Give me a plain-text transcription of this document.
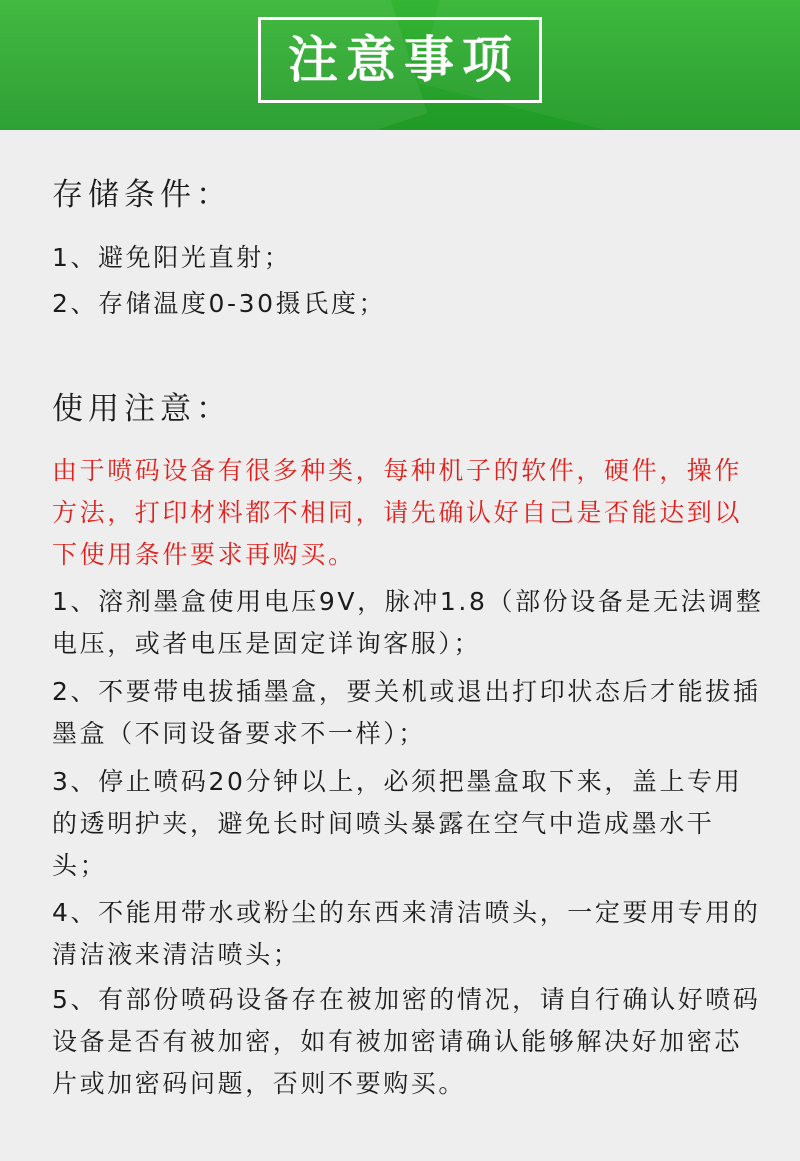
注意事项
存储条件：
1、避免阳光直射；
2、存储温度0-30摄氏度；
使用注意：
由于喷码设备有很多种类，每种机子的软件，硬件，操作方法，打印材料都不相同，请先确认好自己是否能达到以下使用条件要求再购买。
1、溶剂墨盒使用电压9V，脉冲1.8（部份设备是无法调整电压，或者电压是固定详询客服）；
2、不要带电拔插墨盒，要关机或退出打印状态后才能拔插墨盒（不同设备要求不一样）；
3、停止喷码20分钟以上，必须把墨盒取下来，盖上专用的透明护夹，避免长时间喷头暴露在空气中造成墨水干头；
4、不能用带水或粉尘的东西来清洁喷头，一定要用专用的清洁液来清洁喷头；
5、有部份喷码设备存在被加密的情况，请自行确认好喷码设备是否有被加密，如有被加密请确认能够解决好加密芯片或加密码问题，否则不要购买。
